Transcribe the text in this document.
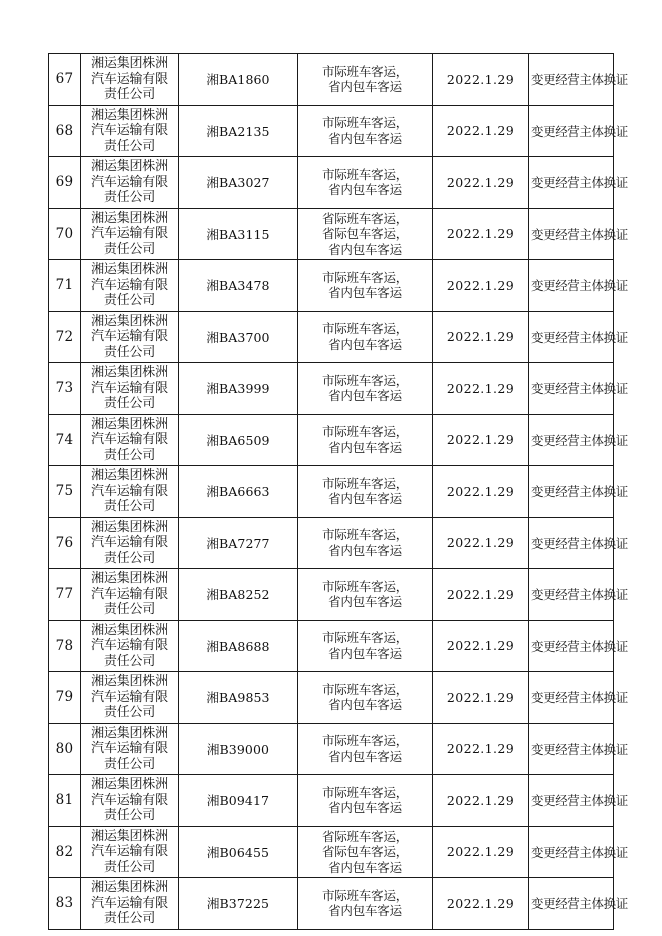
67	湘运集团株洲
汽车运输有限
责任公司	湘BA1860	市际班车客运，
省内包车客运	2022.1.29	变更经营主体换证
68	湘运集团株洲
汽车运输有限
责任公司	湘BA2135	市际班车客运，
省内包车客运	2022.1.29	变更经营主体换证
69	湘运集团株洲
汽车运输有限
责任公司	湘BA3027	市际班车客运，
省内包车客运	2022.1.29	变更经营主体换证
70	湘运集团株洲
汽车运输有限
责任公司	湘BA3115	省际班车客运，
省际包车客运，
省内包车客运	2022.1.29	变更经营主体换证
71	湘运集团株洲
汽车运输有限
责任公司	湘BA3478	市际班车客运，
省内包车客运	2022.1.29	变更经营主体换证
72	湘运集团株洲
汽车运输有限
责任公司	湘BA3700	市际班车客运，
省内包车客运	2022.1.29	变更经营主体换证
73	湘运集团株洲
汽车运输有限
责任公司	湘BA3999	市际班车客运，
省内包车客运	2022.1.29	变更经营主体换证
74	湘运集团株洲
汽车运输有限
责任公司	湘BA6509	市际班车客运，
省内包车客运	2022.1.29	变更经营主体换证
75	湘运集团株洲
汽车运输有限
责任公司	湘BA6663	市际班车客运，
省内包车客运	2022.1.29	变更经营主体换证
76	湘运集团株洲
汽车运输有限
责任公司	湘BA7277	市际班车客运，
省内包车客运	2022.1.29	变更经营主体换证
77	湘运集团株洲
汽车运输有限
责任公司	湘BA8252	市际班车客运，
省内包车客运	2022.1.29	变更经营主体换证
78	湘运集团株洲
汽车运输有限
责任公司	湘BA8688	市际班车客运，
省内包车客运	2022.1.29	变更经营主体换证
79	湘运集团株洲
汽车运输有限
责任公司	湘BA9853	市际班车客运，
省内包车客运	2022.1.29	变更经营主体换证
80	湘运集团株洲
汽车运输有限
责任公司	湘B39000	市际班车客运，
省内包车客运	2022.1.29	变更经营主体换证
81	湘运集团株洲
汽车运输有限
责任公司	湘B09417	市际班车客运，
省内包车客运	2022.1.29	变更经营主体换证
82	湘运集团株洲
汽车运输有限
责任公司	湘B06455	省际班车客运，
省际包车客运，
省内包车客运	2022.1.29	变更经营主体换证
83	湘运集团株洲
汽车运输有限
责任公司	湘B37225	市际班车客运，
省内包车客运	2022.1.29	变更经营主体换证
